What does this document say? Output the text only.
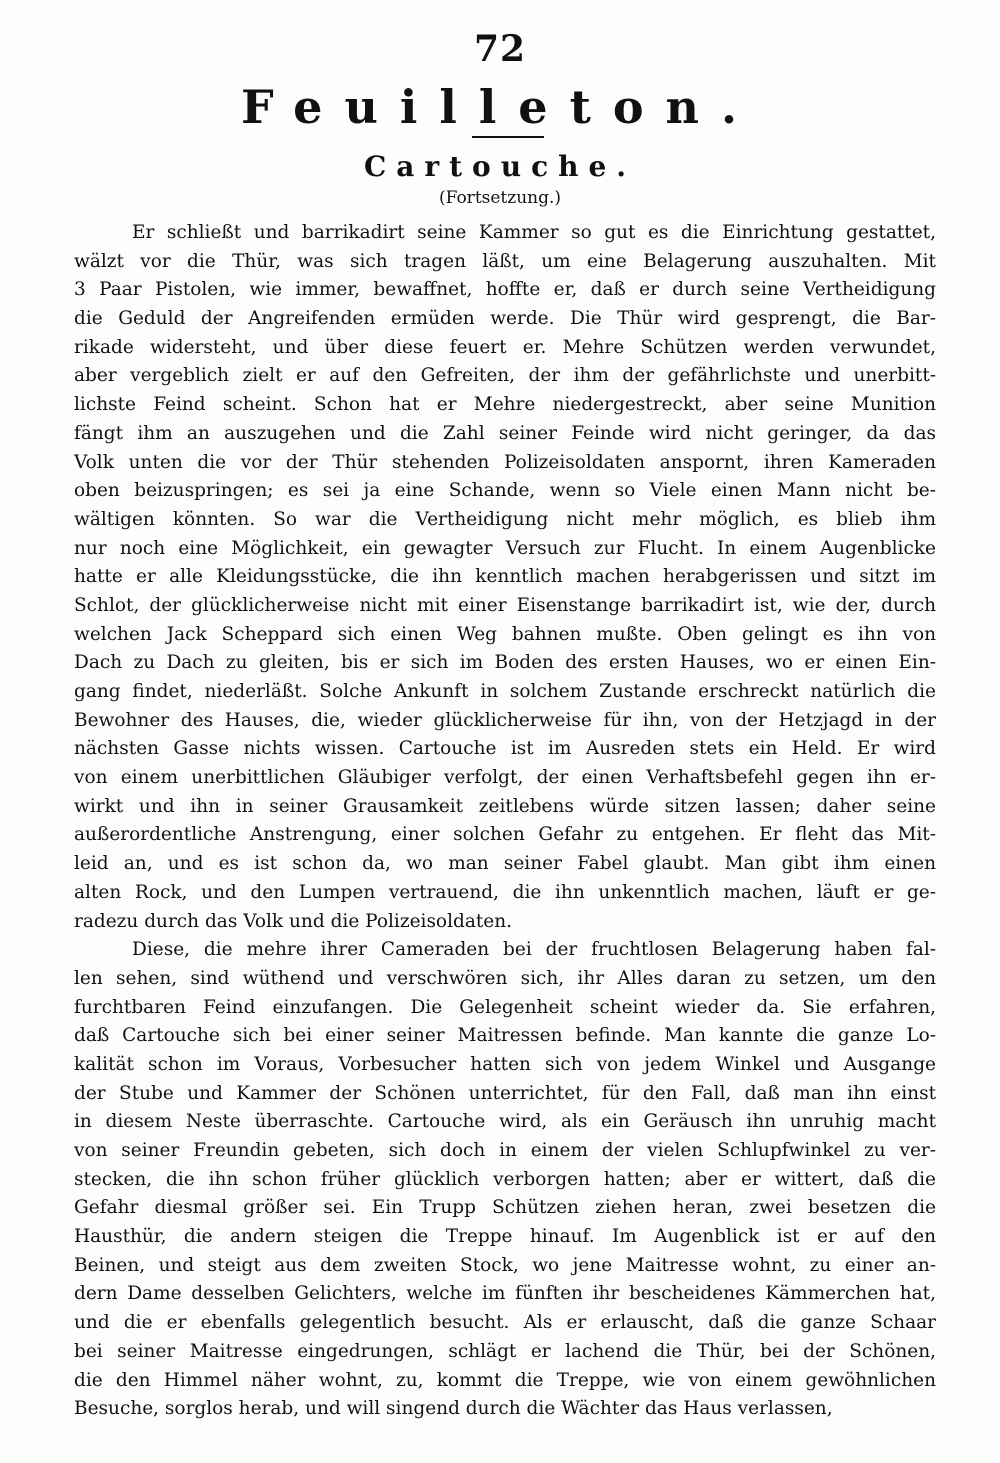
72
Feuilleton.
Cartouche.
(Fortsetzung.)
Er schließt und barrikadirt seine Kammer so gut es die Einrichtung gestattet,
wälzt vor die Thür, was sich tragen läßt, um eine Belagerung auszuhalten. Mit
3 Paar Pistolen, wie immer, bewaffnet, hoffte er, daß er durch seine Vertheidigung
die Geduld der Angreifenden ermüden werde. Die Thür wird gesprengt, die Bar-
rikade widersteht, und über diese feuert er. Mehre Schützen werden verwundet,
aber vergeblich zielt er auf den Gefreiten, der ihm der gefährlichste und unerbitt-
lichste Feind scheint. Schon hat er Mehre niedergestreckt, aber seine Munition
fängt ihm an auszugehen und die Zahl seiner Feinde wird nicht geringer, da das
Volk unten die vor der Thür stehenden Polizeisoldaten anspornt, ihren Kameraden
oben beizuspringen; es sei ja eine Schande, wenn so Viele einen Mann nicht be-
wältigen könnten. So war die Vertheidigung nicht mehr möglich, es blieb ihm
nur noch eine Möglichkeit, ein gewagter Versuch zur Flucht. In einem Augenblicke
hatte er alle Kleidungsstücke, die ihn kenntlich machen herabgerissen und sitzt im
Schlot, der glücklicherweise nicht mit einer Eisenstange barrikadirt ist, wie der, durch
welchen Jack Scheppard sich einen Weg bahnen mußte. Oben gelingt es ihn von
Dach zu Dach zu gleiten, bis er sich im Boden des ersten Hauses, wo er einen Ein-
gang findet, niederläßt. Solche Ankunft in solchem Zustande erschreckt natürlich die
Bewohner des Hauses, die, wieder glücklicherweise für ihn, von der Hetzjagd in der
nächsten Gasse nichts wissen. Cartouche ist im Ausreden stets ein Held. Er wird
von einem unerbittlichen Gläubiger verfolgt, der einen Verhaftsbefehl gegen ihn er-
wirkt und ihn in seiner Grausamkeit zeitlebens würde sitzen lassen; daher seine
außerordentliche Anstrengung, einer solchen Gefahr zu entgehen. Er fleht das Mit-
leid an, und es ist schon da, wo man seiner Fabel glaubt. Man gibt ihm einen
alten Rock, und den Lumpen vertrauend, die ihn unkenntlich machen, läuft er ge-
radezu durch das Volk und die Polizeisoldaten.
Diese, die mehre ihrer Cameraden bei der fruchtlosen Belagerung haben fal-
len sehen, sind wüthend und verschwören sich, ihr Alles daran zu setzen, um den
furchtbaren Feind einzufangen. Die Gelegenheit scheint wieder da. Sie erfahren,
daß Cartouche sich bei einer seiner Maitressen befinde. Man kannte die ganze Lo-
kalität schon im Voraus, Vorbesucher hatten sich von jedem Winkel und Ausgange
der Stube und Kammer der Schönen unterrichtet, für den Fall, daß man ihn einst
in diesem Neste überraschte. Cartouche wird, als ein Geräusch ihn unruhig macht
von seiner Freundin gebeten, sich doch in einem der vielen Schlupfwinkel zu ver-
stecken, die ihn schon früher glücklich verborgen hatten; aber er wittert, daß die
Gefahr diesmal größer sei. Ein Trupp Schützen ziehen heran, zwei besetzen die
Hausthür, die andern steigen die Treppe hinauf. Im Augenblick ist er auf den
Beinen, und steigt aus dem zweiten Stock, wo jene Maitresse wohnt, zu einer an-
dern Dame desselben Gelichters, welche im fünften ihr bescheidenes Kämmerchen hat,
und die er ebenfalls gelegentlich besucht. Als er erlauscht, daß die ganze Schaar
bei seiner Maitresse eingedrungen, schlägt er lachend die Thür, bei der Schönen,
die den Himmel näher wohnt, zu, kommt die Treppe, wie von einem gewöhnlichen
Besuche, sorglos herab, und will singend durch die Wächter das Haus verlassen,
